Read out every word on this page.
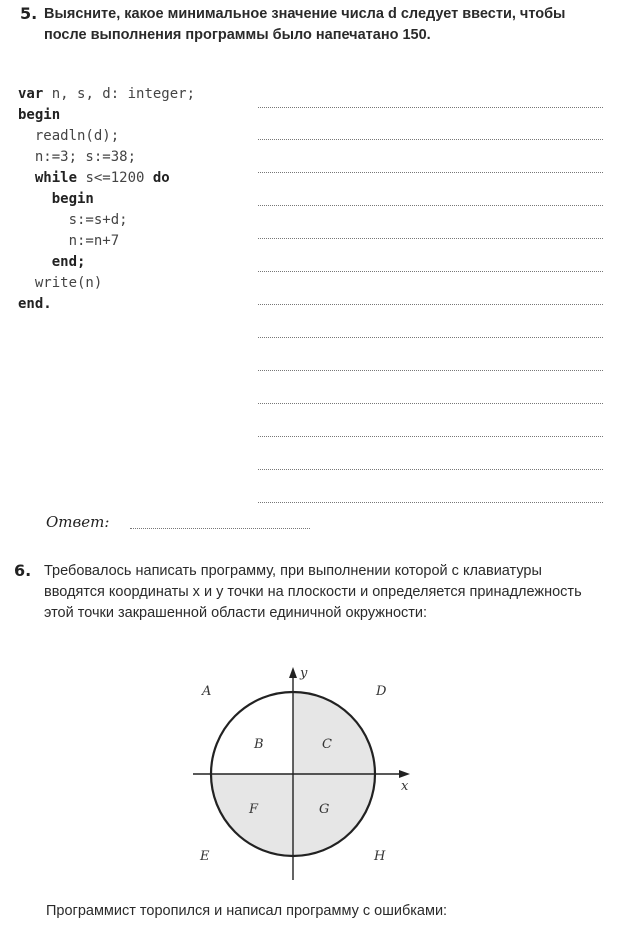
5. Выясните, какое минимальное значение числа d следует ввести, чтобы после выполнения программы было напечатано 150.
var n, s, d: integer;
begin
readln(d);
n:=3; s:=38;
while s<=1200 do
begin
s:=s+d;
n:=n+7
end;
write(n)
end.
Ответ:
6. Требовалось написать программу, при выполнении которой с клавиатуры вводятся координаты x и y точки на плоскости и определяется принадлежность этой точки закрашенной области единичной окружности:
y
x
A
B	C
D
E
F	G
H
Программист торопился и написал программу с ошибками:
